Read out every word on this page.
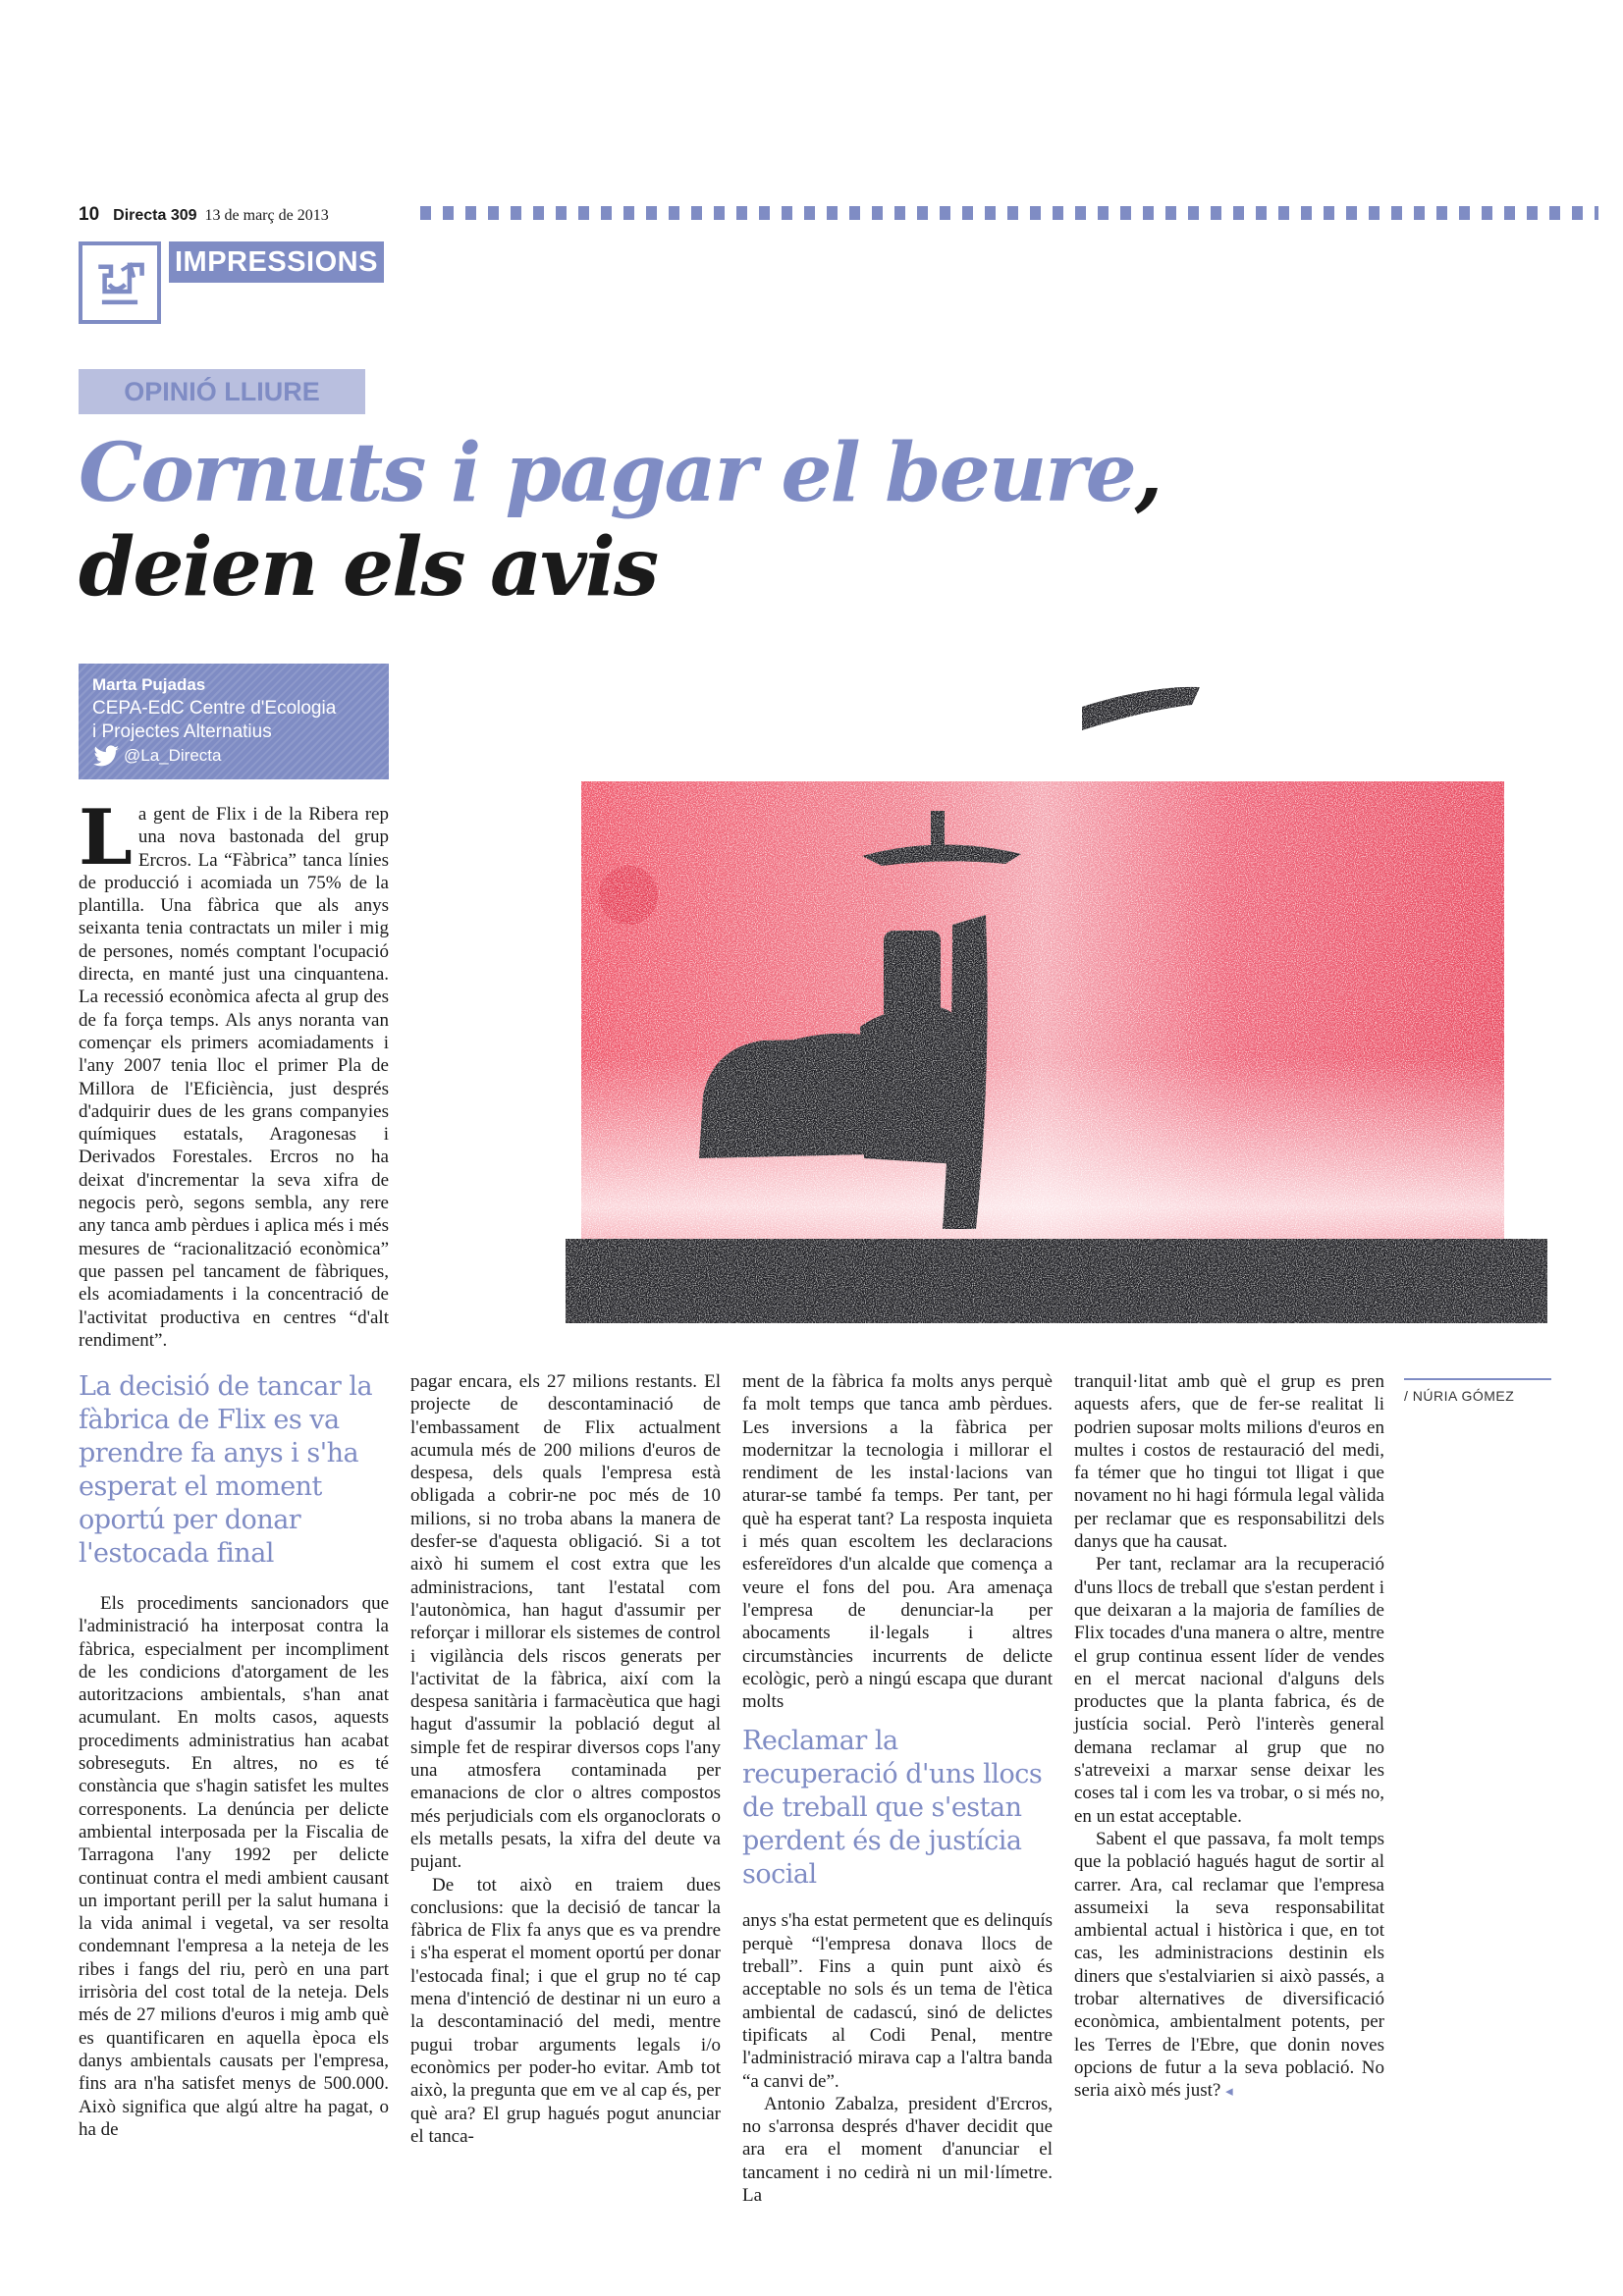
10 Directa 309 13 de març de 2013
IMPRESSIONS
OPINIÓ LLIURE
Cornuts i pagar el beure,
deien els avis
Marta Pujadas
CEPA-EdC Centre d'Ecologia
i Projectes Alternatius
@La_Directa
/ NÚRIA GÓMEZ

La gent de Flix i de la Ribera rep una nova bastonada del grup Ercros. La “Fàbrica” tanca línies de producció i acomiada un 75% de la plantilla. Una fàbrica que als anys seixanta tenia contractats un miler i mig de persones, només comptant l'ocupació directa, en manté just una cinquantena. La recessió econòmica afecta al grup des de fa força temps. Als anys noranta van començar els primers acomiadaments i l'any 2007 tenia lloc el primer Pla de Millora de l'Eficiència, just després d'adquirir dues de les grans companyies químiques estatals, Aragonesas i Derivados Forestales. Ercros no ha deixat d'incrementar la seva xifra de negocis però, segons sembla, any rere any tanca amb pèrdues i aplica més i més mesures de “racionalització econòmica” que passen pel tancament de fàbriques, els acomiadaments i la concentració de l'activitat productiva en centres “d'alt rendiment”.

La decisió de tancar la fàbrica de Flix es va prendre fa anys i s'ha esperat el moment oportú per donar l'estocada final

Els procediments sancionadors que l'administració ha interposat contra la fàbrica, especialment per incompliment de les condicions d'atorgament de les autoritzacions ambientals, s'han anat acumulant. En molts casos, aquests procediments administratius han acabat sobreseguts. En altres, no es té constància que s'hagin satisfet les multes corresponents. La denúncia per delicte ambiental interposada per la Fiscalia de Tarragona l'any 1992 per delicte continuat contra el medi ambient causant un important perill per la salut humana i la vida animal i vegetal, va ser resolta condemnant l'empresa a la neteja de les ribes i fangs del riu, però en una part irrisòria del cost total de la neteja. Dels més de 27 milions d'euros i mig amb què es quantificaren en aquella època els danys ambientals causats per l'empresa, fins ara n'ha satisfet menys de 500.000. Això significa que algú altre ha pagat, o ha de

pagar encara, els 27 milions restants. El projecte de descontaminació de l'embassament de Flix actualment acumula més de 200 milions d'euros de despesa, dels quals l'empresa està obligada a cobrir-ne poc més de 10 milions, si no troba abans la manera de desfer-se d'aquesta obligació. Si a tot això hi sumem el cost extra que les administracions, tant l'estatal com l'autonòmica, han hagut d'assumir per reforçar i millorar els sistemes de control i vigilància dels riscos generats per l'activitat de la fàbrica, així com la despesa sanitària i farmacèutica que hagi hagut d'assumir la població degut al simple fet de respirar diversos cops l'any una atmosfera contaminada per emanacions de clor o altres compostos més perjudicials com els organoclorats o els metalls pesats, la xifra del deute va pujant.

De tot això en traiem dues conclusions: que la decisió de tancar la fàbrica de Flix fa anys que es va prendre i s'ha esperat el moment oportú per donar l'estocada final; i que el grup no té cap mena d'intenció de destinar ni un euro a la descontaminació del medi, mentre pugui trobar arguments legals i/o econòmics per poder-ho evitar. Amb tot això, la pregunta que em ve al cap és, per què ara? El grup hagués pogut anunciar el tanca-

ment de la fàbrica fa molts anys perquè fa molt temps que tanca amb pèrdues. Les inversions a la fàbrica per modernitzar la tecnologia i millorar el rendiment de les instal·lacions van aturar-se també fa temps. Per tant, per què ha esperat tant? La resposta inquieta i més quan escoltem les declaracions esfereïdores d'un alcalde que comença a veure el fons del pou. Ara amenaça l'empresa de denunciar-la per abocaments il·legals i altres circumstàncies incurrents de delicte ecològic, però a ningú escapa que durant molts

Reclamar la recuperació d'uns llocs de treball que s'estan perdent és de justícia social

anys s'ha estat permetent que es delinquís perquè “l'empresa donava llocs de treball”. Fins a quin punt això és acceptable no sols és un tema de l'ètica ambiental de cadascú, sinó de delictes tipificats al Codi Penal, mentre l'administració mirava cap a l'altra banda “a canvi de”.

Antonio Zabalza, president d'Ercros, no s'arronsa després d'haver decidit que ara era el moment d'anunciar el tancament i no cedirà ni un mil·límetre. La

tranquil·litat amb què el grup es pren aquests afers, que de fer-se realitat li podrien suposar molts milions d'euros en multes i costos de restauració del medi, fa témer que ho tingui tot lligat i que novament no hi hagi fórmula legal vàlida per reclamar que es responsabilitzi dels danys que ha causat.

Per tant, reclamar ara la recuperació d'uns llocs de treball que s'estan perdent i que deixaran a la majoria de famílies de Flix tocades d'una manera o altre, mentre el grup continua essent líder de vendes en el mercat nacional d'alguns dels productes que la planta fabrica, és de justícia social. Però l'interès general demana reclamar al grup que no s'atreveixi a marxar sense deixar les coses tal i com les va trobar, o si més no, en un estat acceptable.

Sabent el que passava, fa molt temps que la població hagués hagut de sortir al carrer. Ara, cal reclamar que l'empresa assumeixi la seva responsabilitat ambiental actual i històrica i que, en tot cas, les administracions destinin els diners que s'estalviarien si això passés, a trobar alternatives de diversificació econòmica, ambientalment potents, per les Terres de l'Ebre, que donin noves opcions de futur a la seva població. No seria això més just? ◂
